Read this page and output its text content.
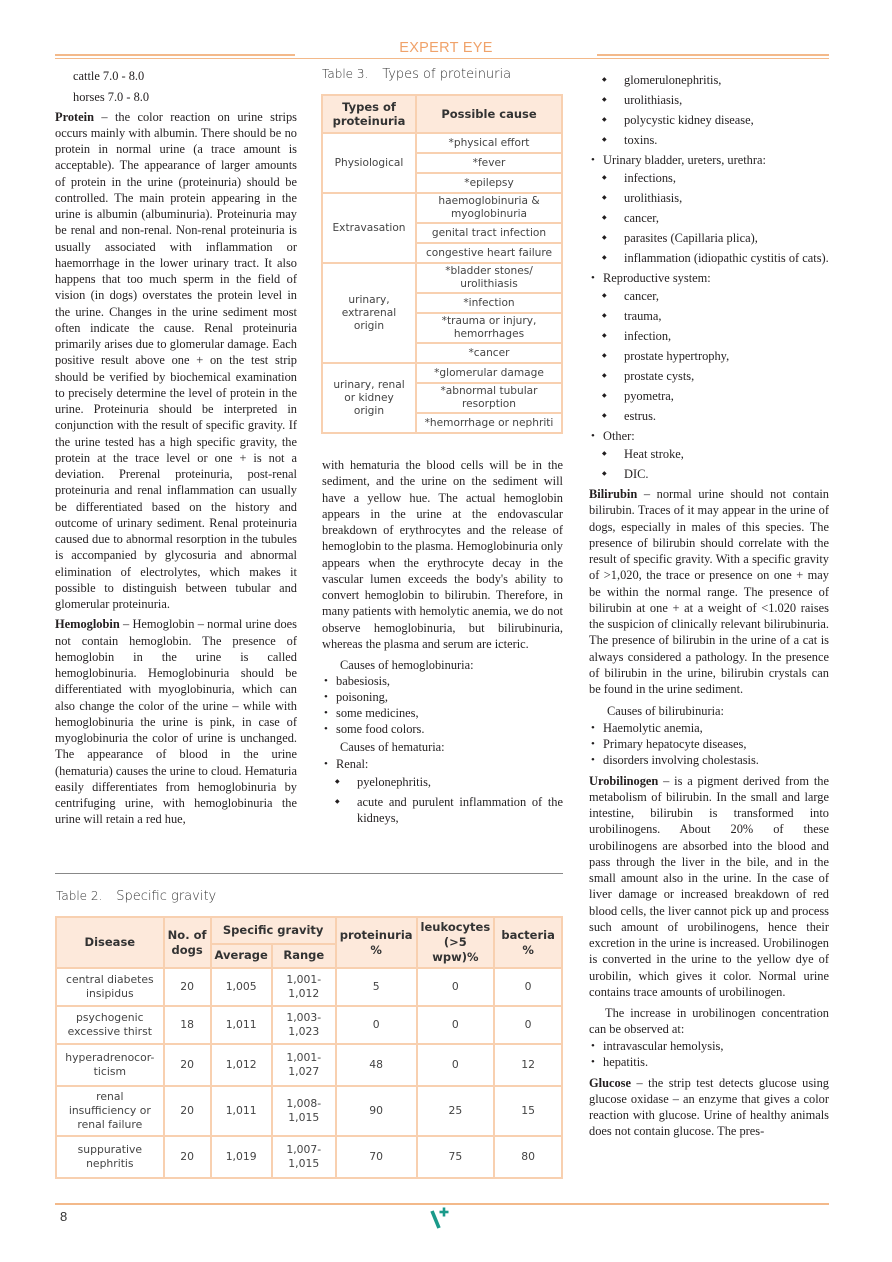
EXPERT EYE

cattle 7.0 - 8.0

horses 7.0 - 8.0

Protein – the color reaction on urine strips occurs mainly with albumin. There should be no protein in normal urine (a trace amount is acceptable). The appearance of larger amounts of protein in the urine (proteinuria) should be controlled. The main protein appearing in the urine is albumin (albuminuria). Proteinuria may be renal and non-renal. Non-renal proteinuria is usually associated with inflammation or haemorrhage in the lower urinary tract. It also happens that too much sperm in the field of vision (in dogs) overstates the protein level in the urine. Changes in the urine sediment most often indicate the cause. Renal proteinuria primarily arises due to glomerular damage. Each positive result above one + on the test strip should be verified by biochemical examination to precisely determine the level of protein in the urine. Proteinuria should be interpreted in conjunction with the result of specific gravity. If the urine tested has a high specific gravity, the protein at the trace level or one + is not a deviation. Prerenal proteinuria, post-renal proteinuria and renal inflammation can usually be differentiated based on the history and outcome of urinary sediment. Renal proteinuria caused due to abnormal resorption in the tubules is accompanied by glycosuria and abnormal elimination of electrolytes, which makes it possible to distinguish between tubular and glomerular proteinuria.

Hemoglobin – Hemoglobin – normal urine does not contain hemoglobin. The presence of hemoglobin in the urine is called hemoglobinuria. Hemoglobinuria should be differentiated with myoglobinuria, which can also change the color of the urine – while with hemoglobinuria the urine is pink, in case of myoglobinuria the color of urine is unchanged. The appearance of blood in the urine (hematuria) causes the urine to cloud. Hematuria easily differentiates from hemoglobinuria by centrifuging urine, with hemoglobinuria the urine will retain a red hue,

Table 3. Types of proteinuria
Types of proteinuria	Possible cause
Physiological	*physical effort
	*fever
	*epilepsy
Extravasation	haemoglobinuria & myoglobinuria
	genital tract infection
	congestive heart failure
urinary, extrarenal origin	*bladder stones/ urolithiasis
	*infection
	*trauma or injury, hemorrhages
	*cancer
urinary, renal or kidney origin	*glomerular damage
	*abnormal tubular resorption
	*hemorrhage or nephriti

with hematuria the blood cells will be in the sediment, and the urine on the sediment will have a yellow hue. The actual hemoglobin appears in the urine at the endovascular breakdown of erythrocytes and the release of hemoglobin to the plasma. Hemoglobinuria only appears when the erythrocyte decay in the vascular lumen exceeds the body's ability to convert hemoglobin to bilirubin. Therefore, in many patients with hemolytic anemia, we do not observe hemoglobinuria, but bilirubinuria, whereas the plasma and serum are icteric.

Causes of hemoglobinuria:

• babesiosis,
• poisoning,
• some medicines,
• some food colors.

Causes of hematuria:

• Renal:
◆ pyelonephritis,
◆ acute and purulent inflammation of the kidneys,
◆ glomerulonephritis,
◆ urolithiasis,
◆ polycystic kidney disease,
◆ toxins.
• Urinary bladder, ureters, urethra:
◆ infections,
◆ urolithiasis,
◆ cancer,
◆ parasites (Capillaria plica),
◆ inflammation (idiopathic cystitis of cats).
• Reproductive system:
◆ cancer,
◆ trauma,
◆ infection,
◆ prostate hypertrophy,
◆ prostate cysts,
◆ pyometra,
◆ estrus.
• Other:
◆ Heat stroke,
◆ DIC.

Bilirubin – normal urine should not contain bilirubin. Traces of it may appear in the urine of dogs, especially in males of this species. The presence of bilirubin should correlate with the result of specific gravity. With a specific gravity of >1,020, the trace or presence on one + may be within the normal range. The presence of bilirubin at one + at a weight of <1.020 raises the suspicion of clinically relevant bilirubinuria. The presence of bilirubin in the urine of a cat is always considered a pathology. In the presence of bilirubin in the urine, bilirubin crystals can be found in the urine sediment.

Causes of bilirubinuria:

• Haemolytic anemia,
• Primary hepatocyte diseases,
• disorders involving cholestasis.

Urobilinogen – is a pigment derived from the metabolism of bilirubin. In the small and large intestine, bilirubin is transformed into urobilinogens. About 20% of these urobilinogens are absorbed into the blood and pass through the liver in the bile, and in the small amount also in the urine. In the case of liver damage or increased breakdown of red blood cells, the liver cannot pick up and process such amount of urobilinogens, hence their excretion in the urine is increased. Urobilinogen is converted in the urine to the yellow dye of urobilin, which gives it color. Normal urine contains trace amounts of urobilinogen.

The increase in urobilinogen concentration can be observed at:

• intravascular hemolysis,
• hepatitis.

Glucose – the strip test detects glucose using glucose oxidase – an enzyme that gives a color reaction with glucose. Urine of healthy animals does not contain glucose. The pres-

Table 2. Specific gravity
Disease	No. of dogs	Specific gravity		proteinuria %	leukocytes (>5 wpw)%	bacteria %
		Average	Range			
central diabetes insipidus	20	1,005	1,001-1,012	5	0	0
psychogenic excessive thirst	18	1,011	1,003-1,023	0	0	0
hyperadrenocor-ticism	20	1,012	1,001-1,027	48	0	12
renal insufficiency or renal failure	20	1,011	1,008-1,015	90	25	15
suppurative nephritis	20	1,019	1,007-1,015	70	75	80
8
